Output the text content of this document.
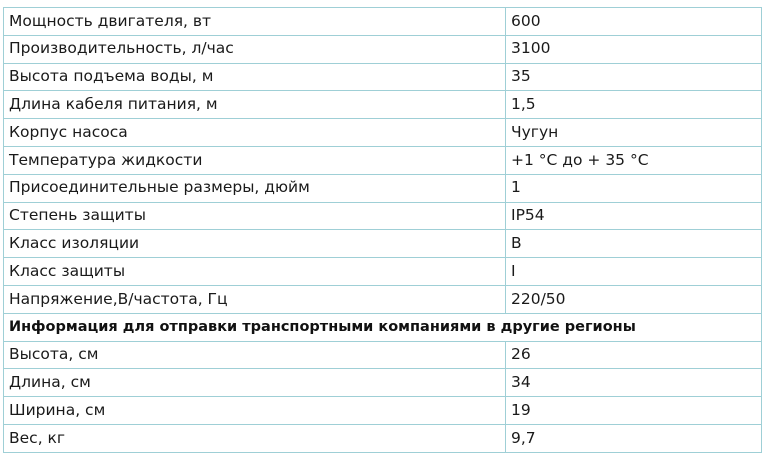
Мощность двигателя, вт	600
Производительность, л/час	3100
Высота подъема воды, м	35
Длина кабеля питания, м	1,5
Корпус насоса	Чугун
Температура жидкости	+1 °C до + 35 °C
Присоединительные размеры, дюйм	1
Степень защиты	IP54
Класс изоляции	B
Класс защиты	I
Напряжение,В/частота, Гц	220/50
Информация для отправки транспортными компаниями в другие регионы	
Высота, см	26
Длина, см	34
Ширина, см	19
Вес, кг	9,7
